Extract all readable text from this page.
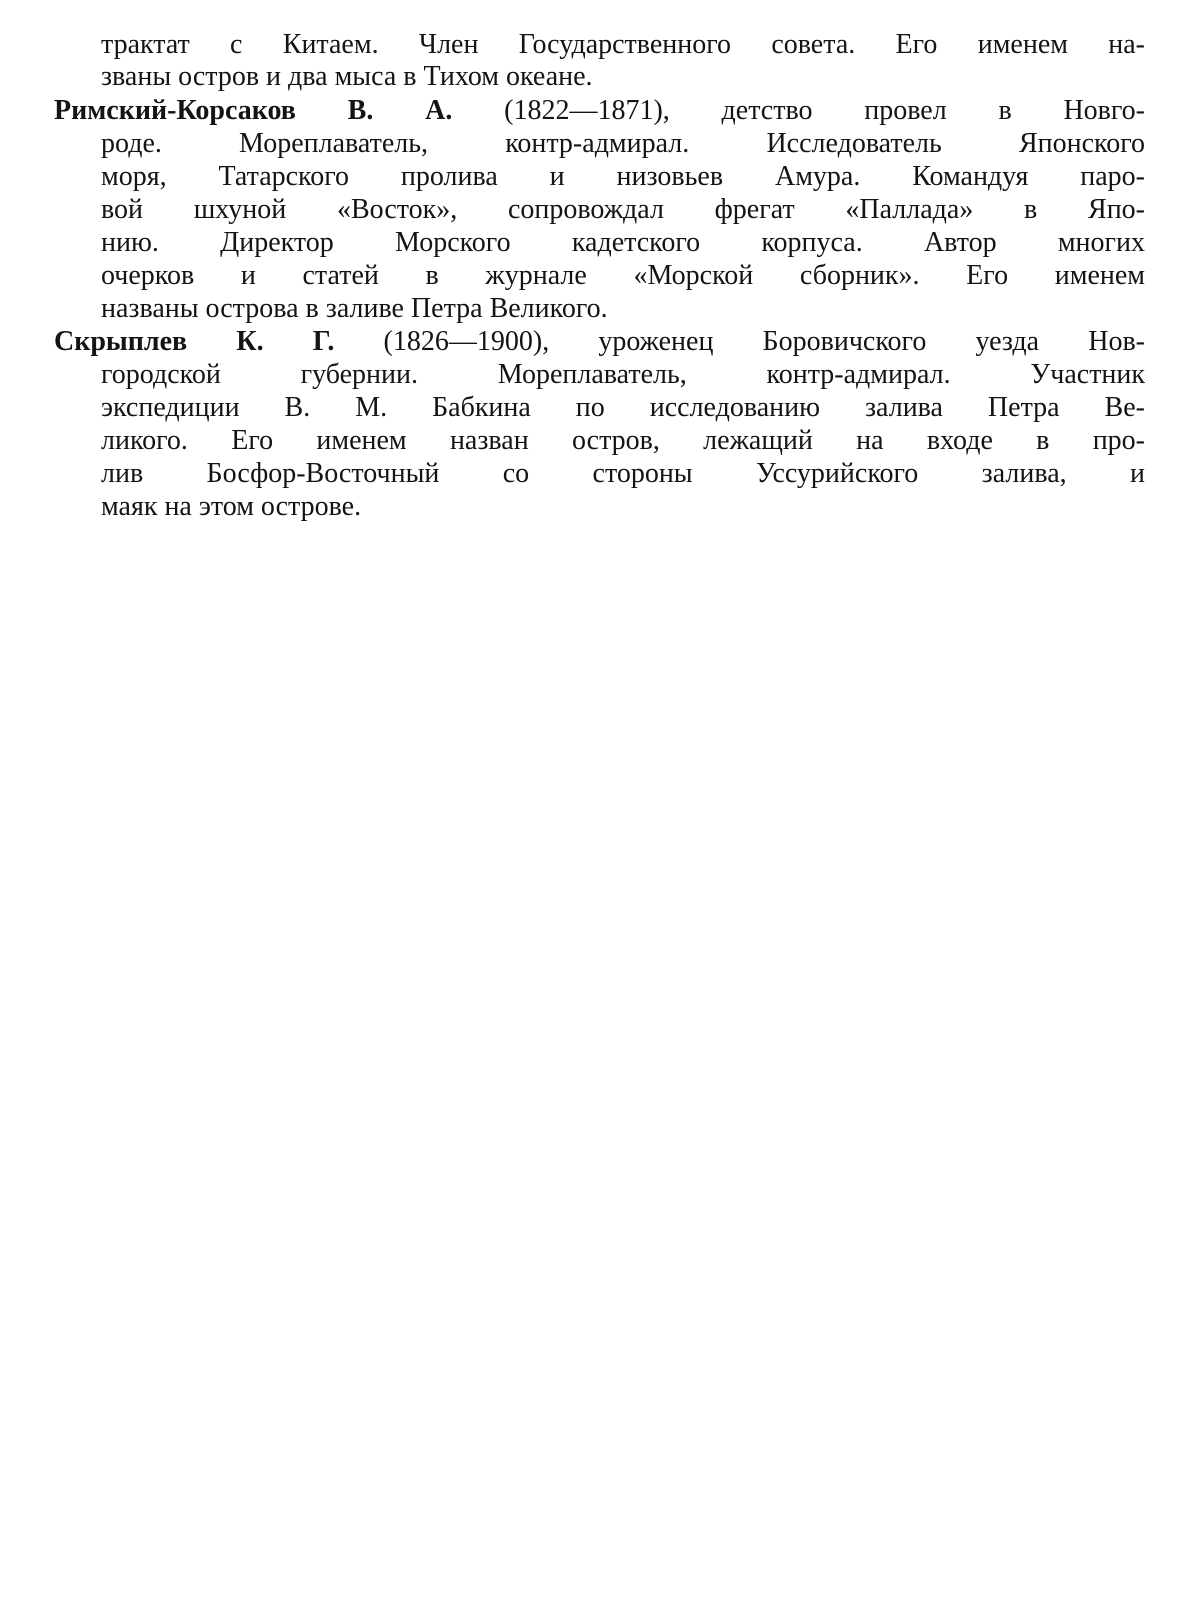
трактат с Китаем. Член Государственного совета. Его именем на-
званы остров и два мыса в Тихом океане.
Римский-Корсаков В. А. (1822—1871), детство провел в Новго-
роде. Мореплаватель, контр-адмирал. Исследователь Японского
моря, Татарского пролива и низовьев Амура. Командуя паро-
вой шхуной «Восток», сопровождал фрегат «Паллада» в Япо-
нию. Директор Морского кадетского корпуса. Автор многих
очерков и статей в журнале «Морской сборник». Его именем
названы острова в заливе Петра Великого.
Скрыплев К. Г. (1826—1900), уроженец Боровичского уезда Нов-
городской губернии. Мореплаватель, контр-адмирал. Участник
экспедиции В. М. Бабкина по исследованию залива Петра Ве-
ликого. Его именем назван остров, лежащий на входе в про-
лив Босфор-Восточный со стороны Уссурийского залива, и
маяк на этом острове.
